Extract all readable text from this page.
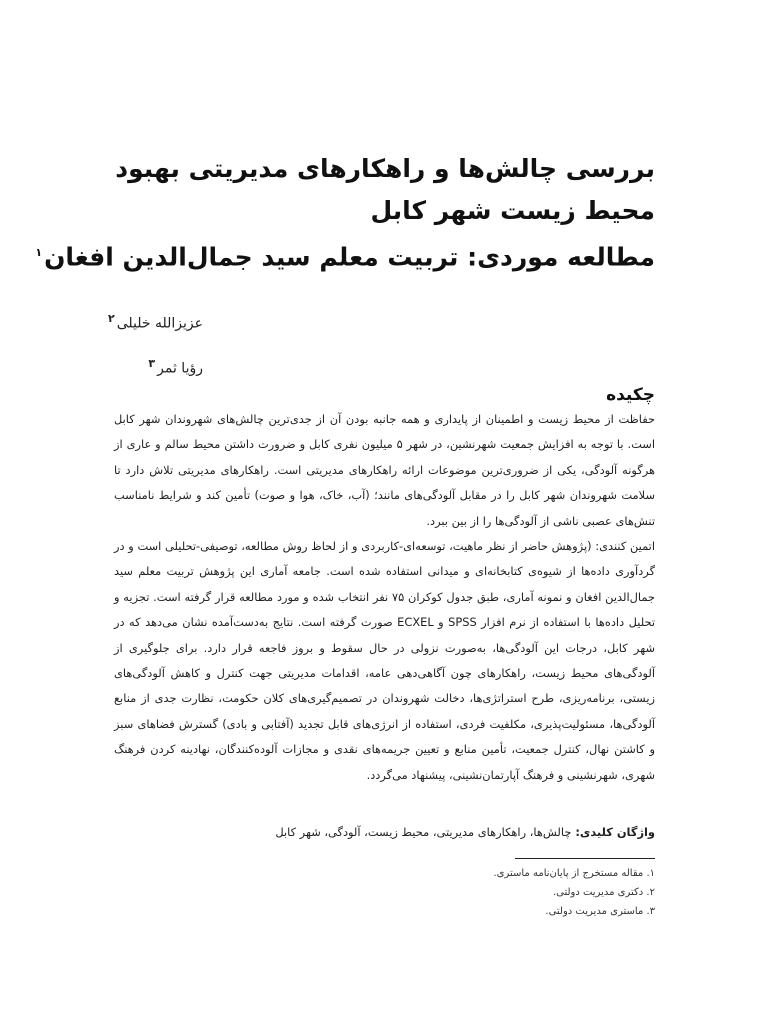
بررسی چالش‌ها و راهکارهای مدیریتی بهبود
محیط زیست شهر کابل
مطالعه موردی: تربیت معلم سید جمال‌الدین افغان$^۱$
عزیزالله خلیلی$^۲$
رؤیا ثمر$^۳$
چکیده

حفاظت از محیط زیست و اطمینان از پایداری و همه جانبه بودن آن از جدی‌ترین چالش‌های شهروندان شهر کابل است. با توجه به افزایش جمعیت شهرنشین، در شهر ۵ میلیون نفری کابل و ضرورت داشتن محیط سالم و عاری از هرگونه آلودگی، یکی از ضروری‌ترین موضوعات ارائه راهکارهای مدیریتی است. راهکارهای مدیریتی تلاش دارد تا سلامت شهروندان شهر کابل را در مقابل آلودگی‌های مانند؛ (آب، خاک، هوا و صوت) تأمین کند و شرایط نامناسب تنش‌های عصبی ناشی از آلودگی‌ها را از بین ببرد.

اتمین کنندی: (پژوهش حاضر از نظر ماهیت، توسعه‌ای-کاربردی و از لحاظ روش مطالعه، توصیفی-تحلیلی است و در گردآوری داده‌ها از شیوه‌ی کتابخانه‌ای و میدانی استفاده شده است. جامعه آماری این پژوهش تربیت معلم سید جمال‌الدین افغان و نمونه آماری، طبق جدول کوکران ۷۵ نفر انتخاب شده و مورد مطالعه قرار گرفته است. تجزیه و تحلیل داده‌ها با استفاده از نرم افزار SPSS و ECXEL صورت گرفته است. نتایج به‌دست‌آمده نشان می‌دهد که در شهر کابل، درجات این آلودگی‌ها، به‌صورت نزولی در حال سقوط و بروز فاجعه قرار دارد. برای جلوگیری از آلودگی‌های محیط زیست، راهکارهای چون آگاهی‌دهی عامه، اقدامات مدیریتی جهت کنترل و کاهش آلودگی‌های زیستی، برنامه‌ریزی، طرح استراتژی‌ها، دخالت شهروندان در تصمیم‌گیری‌های کلان حکومت، نظارت جدی از منابع آلودگی‌ها، مسئولیت‌پذیری، مکلفیت فردی، استفاده از انرژی‌های قابل تجدید (آفتابی و بادی) گسترش فضاهای سبز و کاشتن نهال، کنترل جمعیت، تأمین منابع و تعیین جریمه‌های نقدی و مجازات آلوده‌کنندگان، نهادینه کردن فرهنگ شهری، شهرنشینی و فرهنگ آپارتمان‌نشینی، پیشنهاد می‌گردد.

واژگان کلیدی:چالش‌ها، راهکارهای مدیریتی، محیط زیست، آلودگی، شهر کابل
۱. مقاله مستخرج از پایان‌نامه ماستری.
۲. دکتری مدیریت دولتی.
۳. ماستری مدیریت دولتی.
